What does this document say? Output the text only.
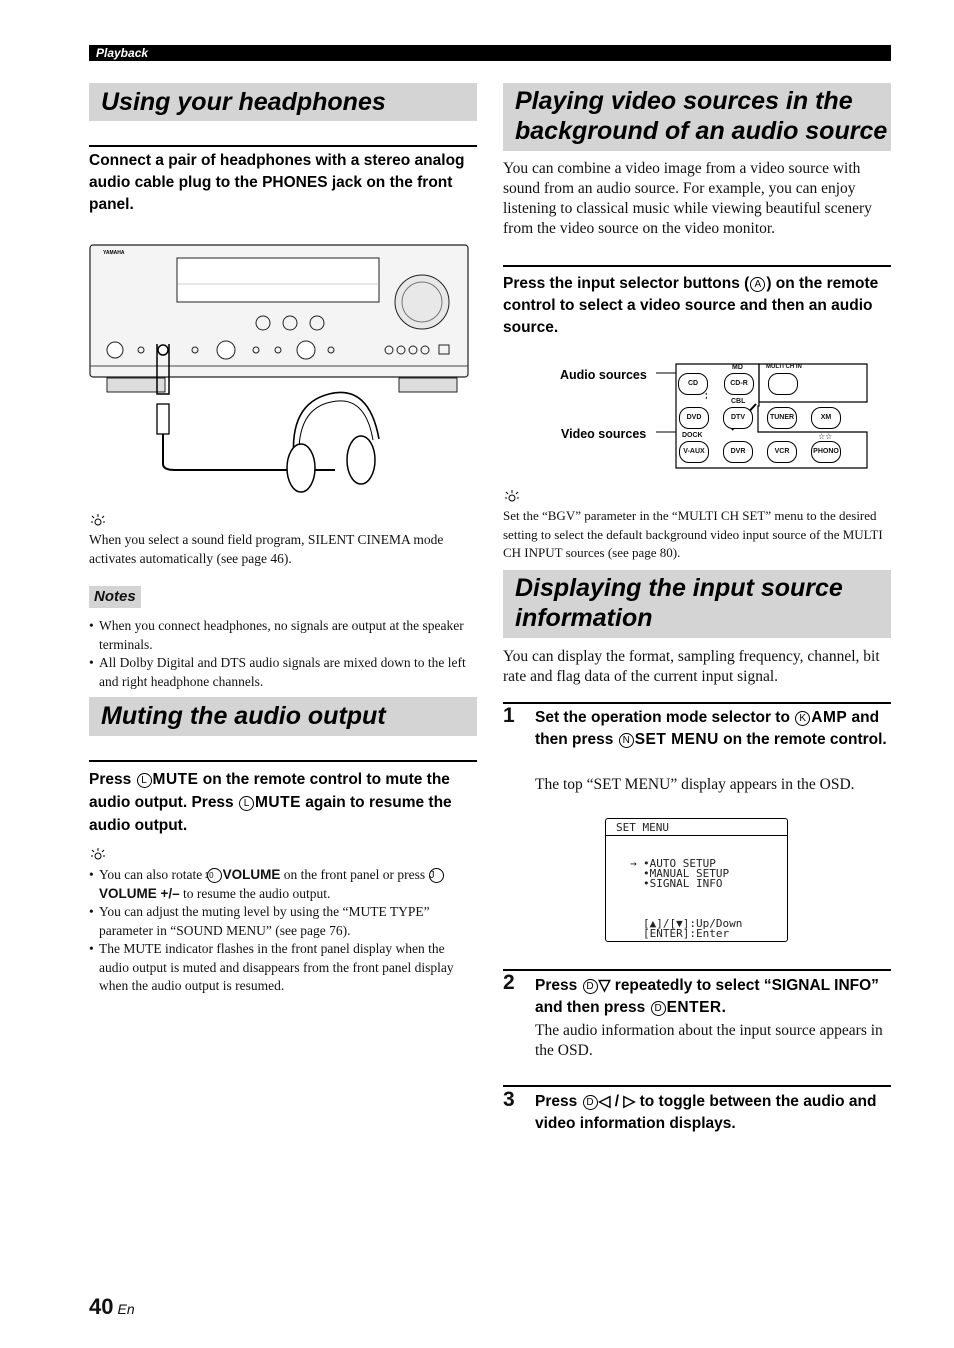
Playback
Using your headphones
Connect a pair of headphones with a stereo analog audio cable plug to the PHONES jack on the front panel.
YAMAHA
When you select a sound field program, SILENT CINEMA mode activates automatically (see page 46).
Notes
• When you connect headphones, no signals are output at the speaker terminals.
• All Dolby Digital and DTS audio signals are mixed down to the left and right headphone channels.
Muting the audio output
Press L MUTE on the remote control to mute the audio output. Press L MUTE again to resume the audio output.
• You can also rotate 10 VOLUME on the front panel or press JVOLUME +/– to resume the audio output.
• You can adjust the muting level by using the “MUTE TYPE” parameter in “SOUND MENU” (see page 76).
• The MUTE indicator flashes in the front panel display when the audio output is muted and disappears from the front panel display when the audio output is resumed.
Playing video sources in the
background of an audio source
You can combine a video image from a video source with sound from an audio source. For example, you can enjoy listening to classical music while viewing beautiful scenery from the video source on the video monitor.
Press the input selector buttons ( A ) on the remote control to select a video source and then an audio source.
Audio sources
Video sources
CD	CD-R
MD	MULTI CH IN
CBL
DVD	DTV	TUNER	XM
DOCK	☆☆
V-AUX	DVR	VCR	PHONO
Set the “BGV” parameter in the “MULTI CH SET” menu to the desired setting to select the default background video input source of the MULTI CH INPUT sources (see page 80).
Displaying the input source
information
You can display the format, sampling frequency, channel, bit rate and flag data of the current input signal.
1 Set the operation mode selector to K AMP and then press N SET MENU on the remote control.
The top “SET MENU” display appears in the OSD.
SET MENU
→ •AUTO SETUP
•MANUAL SETUP
•SIGNAL INFO
[▲]/[▼]:Up/Down
[ENTER]:Enter
2 Press D ▽ repeatedly to select “SIGNAL INFO” and then press D ENTER.
The audio information about the input source appears in the OSD.
3 Press D ◁ / ▷ to toggle between the audio and video information displays.
40 En
